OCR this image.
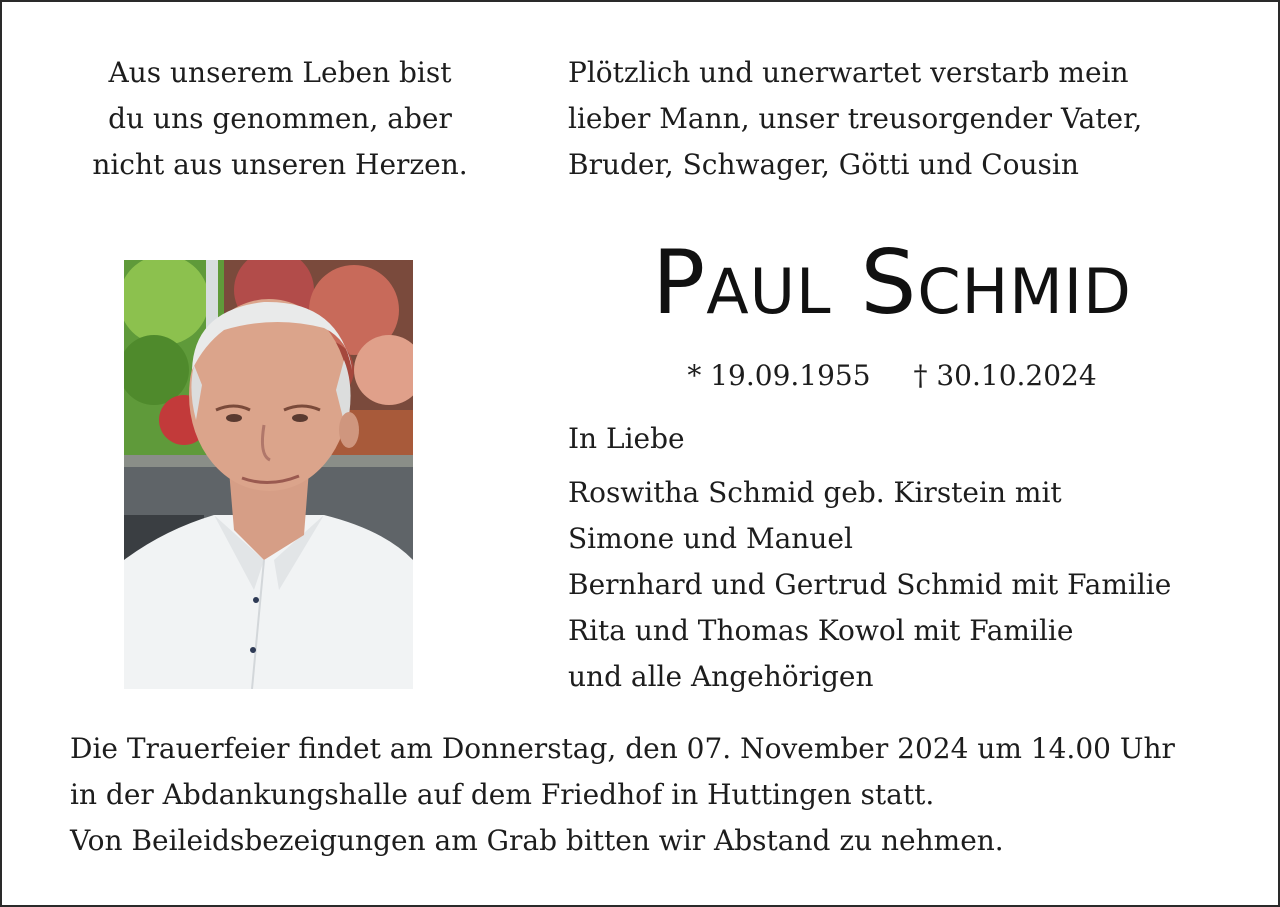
Aus unserem Leben bist
du uns genommen, aber
nicht aus unseren Herzen.
Plötzlich und unerwartet verstarb mein
lieber Mann, unser treusorgender Vater,
Bruder, Schwager, Götti und Cousin
Paul Schmid
* 19.09.1955 † 30.10.2024
In Liebe
Roswitha Schmid geb. Kirstein mit
Simone und Manuel
Bernhard und Gertrud Schmid mit Familie
Rita und Thomas Kowol mit Familie
und alle Angehörigen
Die Trauerfeier findet am Donnerstag, den 07. November 2024 um 14.00 Uhr
in der Abdankungshalle auf dem Friedhof in Huttingen statt.
Von Beileidsbezeigungen am Grab bitten wir Abstand zu nehmen.
